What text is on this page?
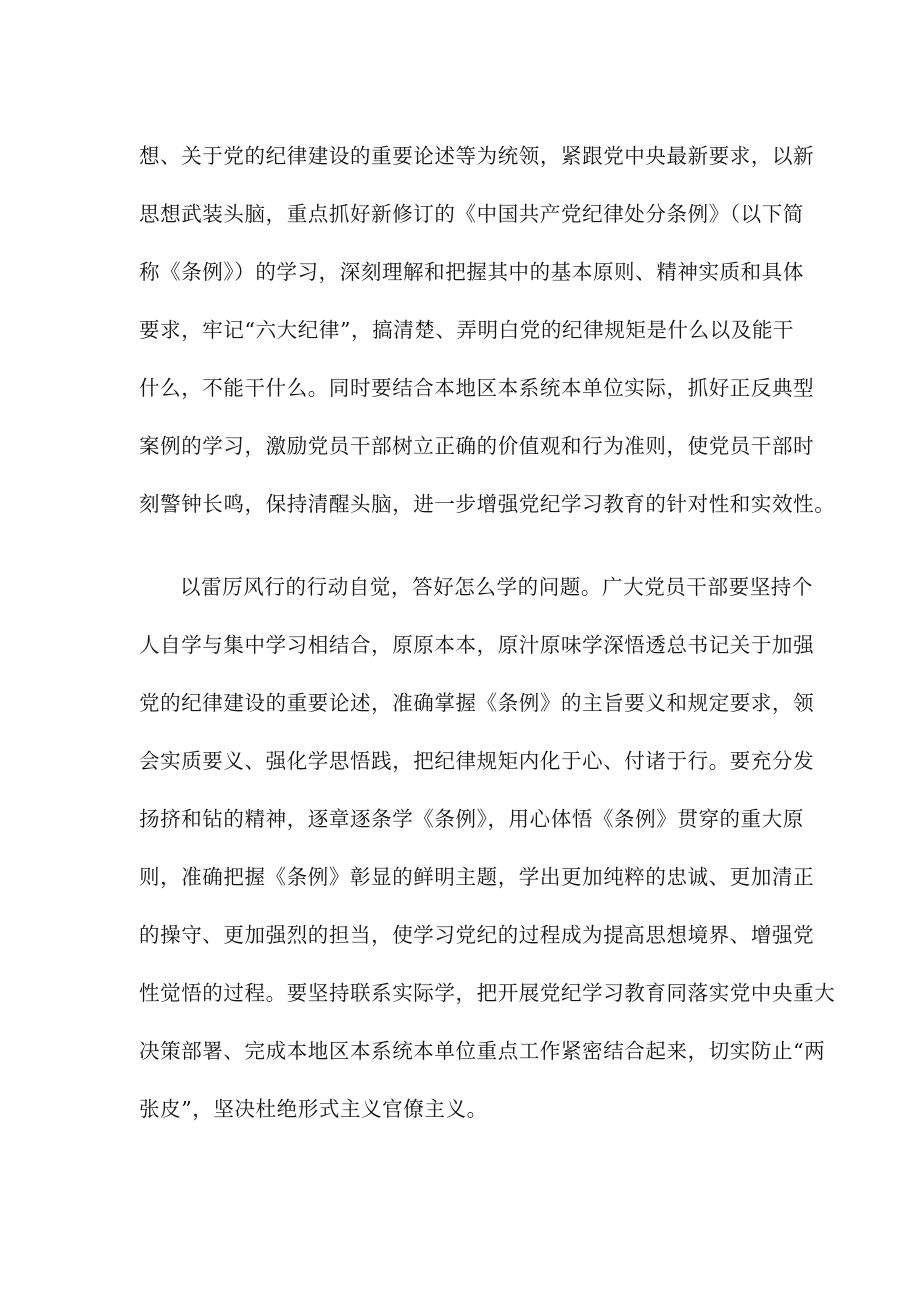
想、关于党的纪律建设的重要论述等为统领，紧跟党中央最新要求，以新
思想武装头脑，重点抓好新修订的《中国共产党纪律处分条例》（以下简
称《条例》）的学习，深刻理解和把握其中的基本原则、精神实质和具体
要求，牢记“六大纪律”，搞清楚、弄明白党的纪律规矩是什么以及能干
什么，不能干什么。同时要结合本地区本系统本单位实际，抓好正反典型
案例的学习，激励党员干部树立正确的价值观和行为准则，使党员干部时
刻警钟长鸣，保持清醒头脑，进一步增强党纪学习教育的针对性和实效性。
以雷厉风行的行动自觉，答好怎么学的问题。广大党员干部要坚持个
人自学与集中学习相结合，原原本本，原汁原味学深悟透总书记关于加强
党的纪律建设的重要论述，准确掌握《条例》的主旨要义和规定要求，领
会实质要义、强化学思悟践，把纪律规矩内化于心、付诸于行。要充分发
扬挤和钻的精神，逐章逐条学《条例》，用心体悟《条例》贯穿的重大原
则，准确把握《条例》彰显的鲜明主题，学出更加纯粹的忠诚、更加清正
的操守、更加强烈的担当，使学习党纪的过程成为提高思想境界、增强党
性觉悟的过程。要坚持联系实际学，把开展党纪学习教育同落实党中央重大
决策部署、完成本地区本系统本单位重点工作紧密结合起来，切实防止“两
张皮”，坚决杜绝形式主义官僚主义。
